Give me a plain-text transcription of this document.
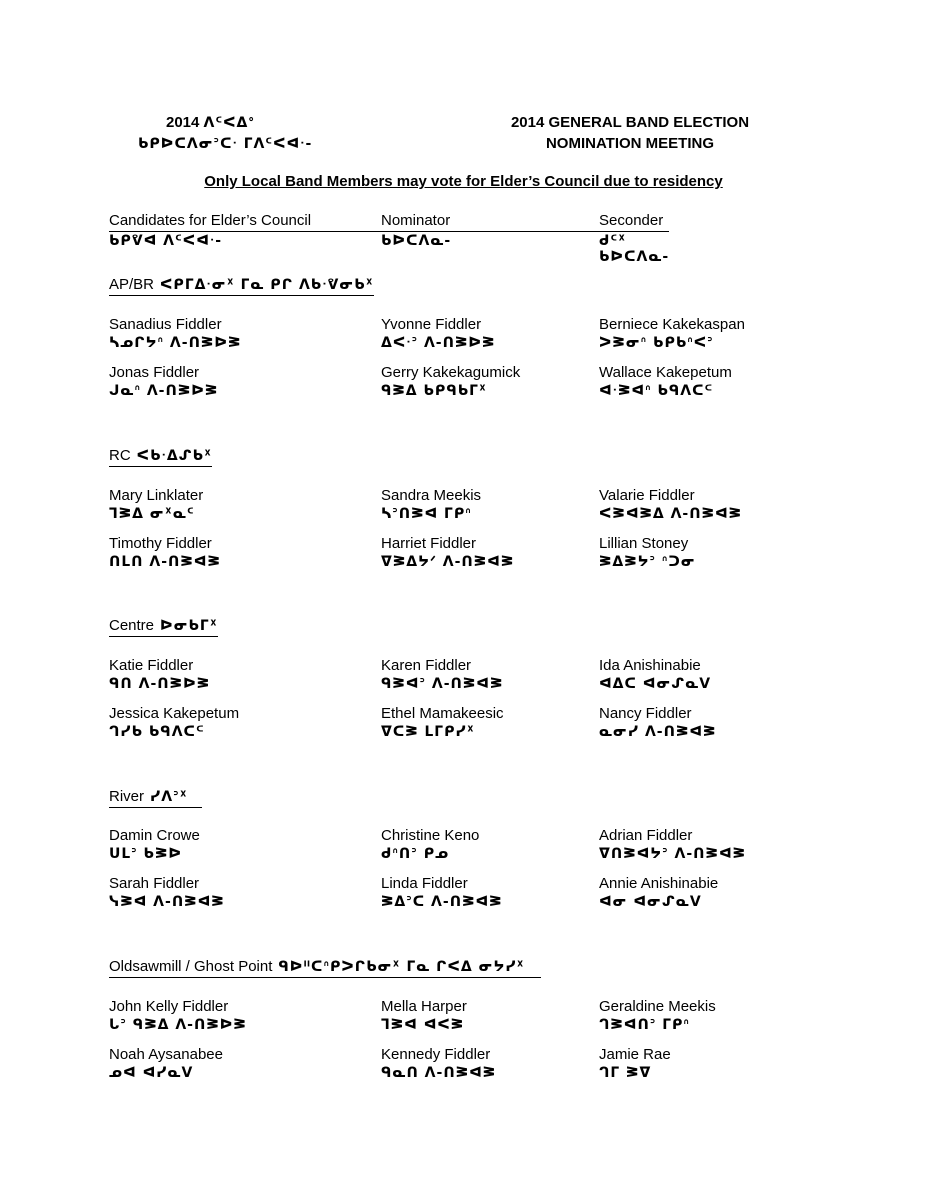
2014 ᐱᑦᐸᐃᐤ
ᑲᑭᐅᑕᐱᓂᐣᑕᐧ ᒥᐱᑦᐸᐊᐧ-
2014 GENERAL BAND ELECTION
NOMINATION MEETING
Only Local Band Members may vote for Elder’s Council due to residency
Candidates for Elder’s Council
ᑲᑭᕓᐊ ᐱᑦᐸᐊᐧ-
Nominator
ᑲᐅᑕᐱᓇ-
Seconder
ᑯᑦᕽ ᑲᐅᑕᐱᓇ-
AP/BR ᐸᑭᒥᐃᐧᓂᕽ ᒥᓇ ᑭᒋ ᐱᑲᐧᕓᓂᑲᕽ
Sanadius Fiddler
ᓴᓄᒋᔭᐢ ᐱ-ᑎᕒᐅᕒ
Yvonne Fiddler
ᐃᐸᐧᐣ ᐱ-ᑎᕒᐅᕒ
Berniece Kakekaspan
ᐳᕒᓂᐢ ᑲᑭᑲᐢᐸᐣ
Jonas Fiddler
ᒍᓇᐢ ᐱ-ᑎᕒᐅᕒ
Gerry Kakekagumick
ᑫᕒᐃ ᑲᑭᑫᑲᒥᕽ
Wallace Kakepetum
ᐊᐧᕒᐊᐢ ᑲᑫᐱᑕᒼ
RC ᐸᑲᐧᐃᔑᑲᕽ
Mary Linklater
ᒣᕒᐃ ᓂᕽᓇᑦ
Sandra Meekis
ᓴᐣᑎᕒᐊ ᒥᑭᐢ
Valarie Fiddler
ᐸᕒᐊᕒᐃ ᐱ-ᑎᕒᐊᕒ
Timothy Fiddler
ᑎᒪᑎ ᐱ-ᑎᕒᐊᕒ
Harriet Fiddler
ᐁᕒᐃᔭᐟ ᐱ-ᑎᕒᐊᕒ
Lillian Stoney
ᕒᐃᕒᔭᐣ ᐢᑐᓂ
Centre ᐅᓂᑲᒥᕽ
Katie Fiddler
ᑫᑎ ᐱ-ᑎᕒᐅᕒ
Karen Fiddler
ᑫᕒᐊᐣ ᐱ-ᑎᕒᐊᕒ
Ida Anishinabie
ᐊᐃᑕ ᐊᓂᔑᓇᐯ
Jessica Kakepetum
ᒉᓯᑲ ᑲᑫᐱᑕᒼ
Ethel Mamakeesic
ᐁᑕᕒ ᒪᒥᑭᓯᕽ
Nancy Fiddler
ᓇᓂᓯ ᐱ-ᑎᕒᐊᕒ
River ᓯᐱᐣᕽ
Damin Crowe
ᑌᒪᐣ ᑲᕒᐅ
Christine Keno
ᑯᐢᑎᐣ ᑭᓄ
Adrian Fiddler
ᐁᑎᕒᐊᔭᐣ ᐱ-ᑎᕒᐊᕒ
Sarah Fiddler
ᓭᕒᐊ ᐱ-ᑎᕒᐊᕒ
Linda Fiddler
ᕒᐃᐣᑕ ᐱ-ᑎᕒᐊᕒ
Annie Anishinabie
ᐊᓂ ᐊᓂᔑᓇᐯ
Oldsawmill / Ghost Point ᑫᐅᐦᑕᐢᑭᐳᒋᑲᓂᕽ ᒥᓇ ᒋᐸᐃ ᓂᔭᓯᕽ
John Kelly Fiddler
ᒐᐣ ᑫᕒᐃ ᐱ-ᑎᕒᐅᕒ
Mella Harper
ᒣᕒᐊ ᐊᐸᕒ
Geraldine Meekis
ᒉᕒᐊᑎᐣ ᒥᑭᐢ
Noah Aysanabee
ᓄᐊ ᐊᓯᓇᐯ
Kennedy Fiddler
ᑫᓇᑎ ᐱ-ᑎᕒᐊᕒ
Jamie Rae
ᒉᒥ ᕒᐁ
